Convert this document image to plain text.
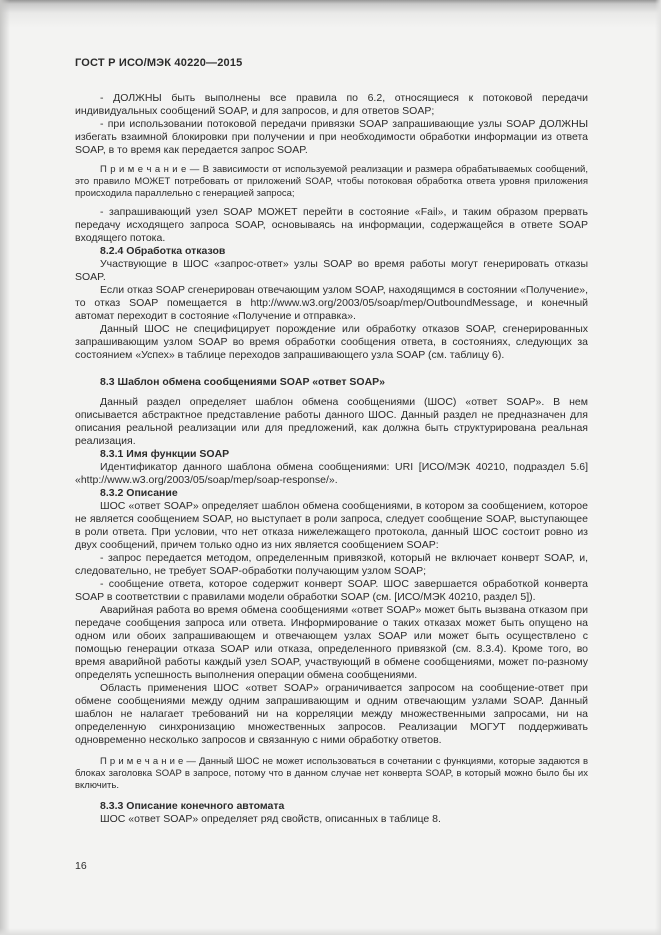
ГОСТ Р ИСО/МЭК 40220—2015

- ДОЛЖНЫ быть выполнены все правила по 6.2, относящиеся к потоковой передачи индивидуальных сообщений SOAP, и для запросов, и для ответов SOAP;

- при использовании потоковой передачи привязки SOAP запрашивающие узлы SOAP ДОЛЖНЫ избегать взаимной блокировки при получении и при необходимости обработки информации из ответа SOAP, в то время как передается запрос SOAP.

П р и м е ч а н и е — В зависимости от используемой реализации и размера обрабатываемых сообщений, это правило МОЖЕТ потребовать от приложений SOAP, чтобы потоковая обработка ответа уровня приложения происходила параллельно с генерацией запроса;

- запрашивающий узел SOAP МОЖЕТ перейти в состояние «Fail», и таким образом прервать передачу исходящего запроса SOAP, основываясь на информации, содержащейся в ответе SOAP входящего потока.

8.2.4 Обработка отказов

Участвующие в ШОС «запрос-ответ» узлы SOAP во время работы могут генерировать отказы SOAP.

Если отказ SOAP сгенерирован отвечающим узлом SOAP, находящимся в состоянии «Получение», то отказ SOAP помещается в http://www.w3.org/2003/05/soap/mep/OutboundMessage, и конечный автомат переходит в состояние «Получение и отправка».

Данный ШОС не специфицирует порождение или обработку отказов SOAP, сгенерированных запрашивающим узлом SOAP во время обработки сообщения ответа, в состояниях, следующих за состоянием «Успех» в таблице переходов запрашивающего узла SOAP (см. таблицу 6).

8.3 Шаблон обмена сообщениями SOAP «ответ SOAP»

Данный раздел определяет шаблон обмена сообщениями (ШОС) «ответ SOAP». В нем описывается абстрактное представление работы данного ШОС. Данный раздел не предназначен для описания реальной реализации или для предложений, как должна быть структурирована реальная реализация.

8.3.1 Имя функции SOAP

Идентификатор данного шаблона обмена сообщениями: URI [ИСО/МЭК 40210, подраздел 5.6] «http://www.w3.org/2003/05/soap/mep/soap-response/».

8.3.2 Описание

ШОС «ответ SOAP» определяет шаблон обмена сообщениями, в котором за сообщением, которое не является сообщением SOAP, но выступает в роли запроса, следует сообщение SOAP, выступающее в роли ответа. При условии, что нет отказа нижележащего протокола, данный ШОС состоит ровно из двух сообщений, причем только одно из них является сообщением SOAP:

- запрос передается методом, определенным привязкой, который не включает конверт SOAP, и, следовательно, не требует SOAP-обработки получающим узлом SOAP;

- сообщение ответа, которое содержит конверт SOAP. ШОС завершается обработкой конверта SOAP в соответствии с правилами модели обработки SOAP (см. [ИСО/МЭК 40210, раздел 5]).

Аварийная работа во время обмена сообщениями «ответ SOAP» может быть вызвана отказом при передаче сообщения запроса или ответа. Информирование о таких отказах может быть опущено на одном или обоих запрашивающем и отвечающем узлах SOAP или может быть осуществлено с помощью генерации отказа SOAP или отказа, определенного привязкой (см. 8.3.4). Кроме того, во время аварийной работы каждый узел SOAP, участвующий в обмене сообщениями, может по-разному определять успешность выполнения операции обмена сообщениями.

Область применения ШОС «ответ SOAP» ограничивается запросом на сообщение-ответ при обмене сообщениями между одним запрашивающим и одним отвечающим узлами SOAP. Данный шаблон не налагает требований ни на корреляции между множественными запросами, ни на определенную синхронизацию множественных запросов. Реализации МОГУТ поддерживать одновременно несколько запросов и связанную с ними обработку ответов.

П р и м е ч а н и е — Данный ШОС не может использоваться в сочетании с функциями, которые задаются в блоках заголовка SOAP в запросе, потому что в данном случае нет конверта SOAP, в который можно было бы их включить.

8.3.3 Описание конечного автомата

ШОС «ответ SOAP» определяет ряд свойств, описанных в таблице 8.

16
